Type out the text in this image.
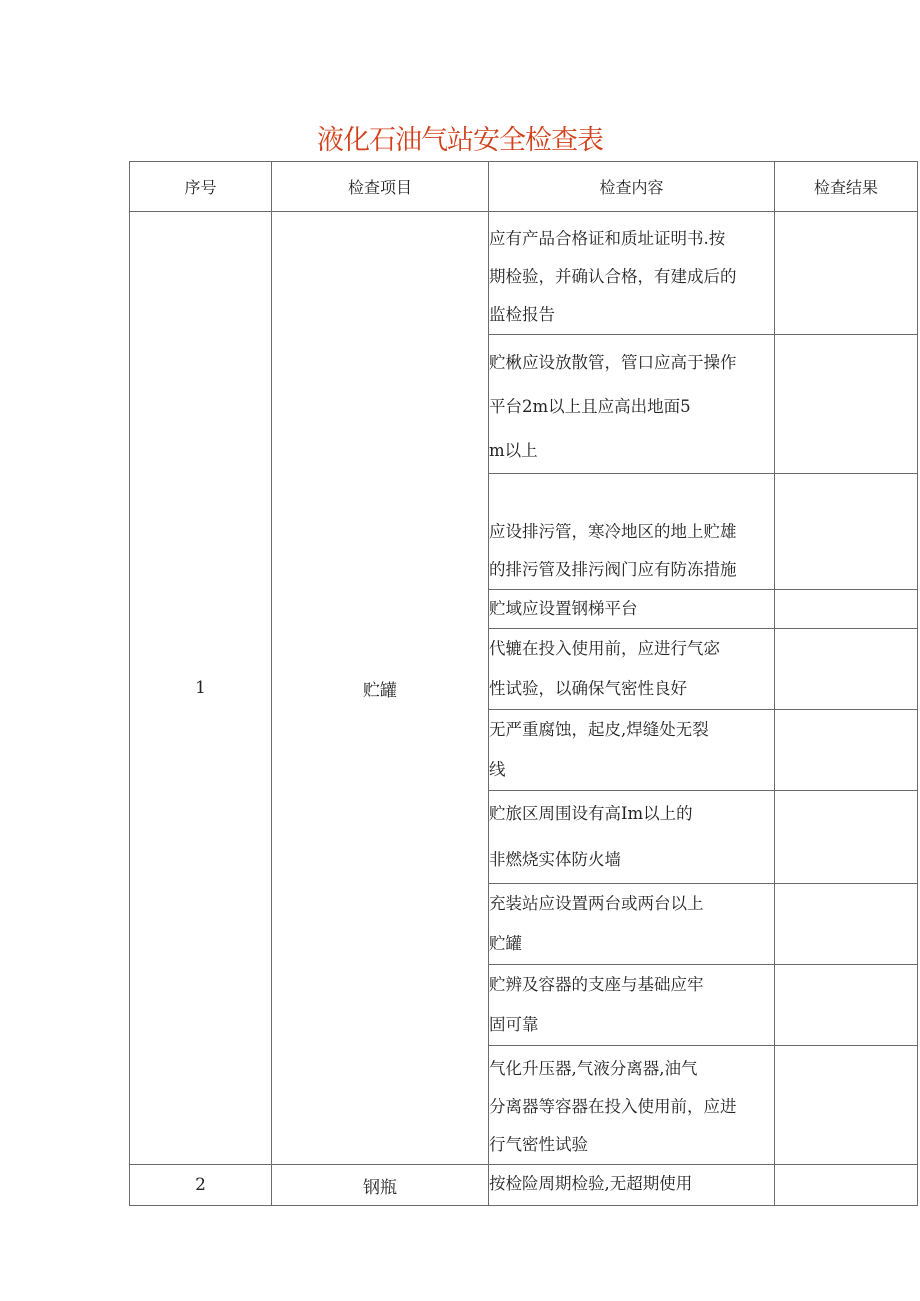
液化石油气站安全检查表
序号	检查项目	检查内容	检查结果
1	贮罐	应有产品合格证和质址证明书.按
期检验，并确认合格，有建成后的
监检报告	

		贮楸应设放散管，管口应高于操作
平台2m以上且应高出地面5
m以上	

		应设排污管，寒冷地区的地上贮雄
的排污管及排污阀门应有防冻措施	

		贮域应设置钢梯平台	

		代辘在投入使用前，应进行气宓
性试验，以确保气密性良好	

		无严重腐蚀，起皮,焊缝处无裂
线	

		贮旅区周围设有高Im以上的
非燃烧实体防火墙	

		充装站应设置两台或两台以上
贮罐	

		贮辨及容器的支座与基础应牢
固可靠	

		气化升压器,气液分离器,油气
分离器等容器在投入使用前，应进
行气密性试验	

2	钢瓶	按检险周期检验,无超期使用	
